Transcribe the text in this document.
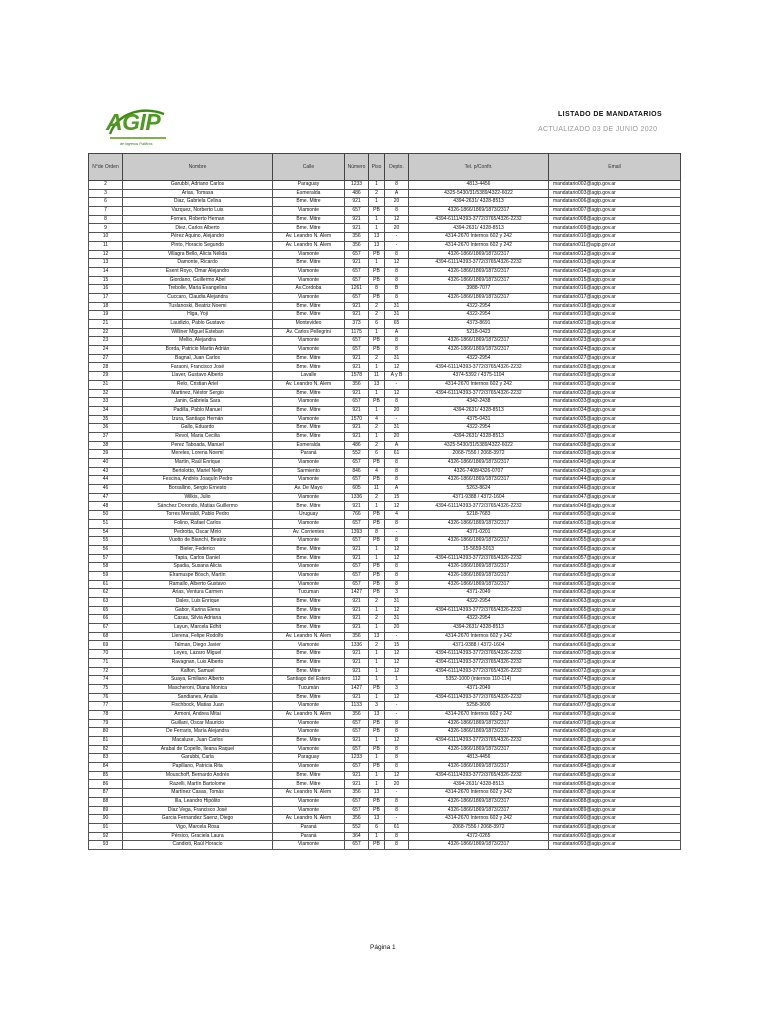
AGIP
de Ingresos Públicos
LISTADO DE MANDATARIOS
ACTUALIZADO 03 DE JUNIO 2020
N°de Orden	Nombre	Calle	Número	Piso	Depto.	Tel. p/Confir.	Email
2	Garubbi, Adriano Carlos	Paraguay	1233	1	8	4813-4456	mandatario002@agip.gov.ar
3	Arias, Tomasa	Esmeralda	486	2	A	4325-5430/31/5389/4322-6022	mandatario003@agip.gov.ar
6	Diaz, Gabriela Celina	Bme. Mitre	921	1	20	4394-2631/ 4328-8513	mandatario006@agip.gov.ar
7	Vazquez, Norberto Luis	Viamonte	657	PB	8	4326-1866/1869/1873/2317	mandatario007@agip.gov.ar
8	Fornes, Roberto Hernan	Bme. Mitre	921	1	12	4394-6111/4393-3772/3765/4326-2232	mandatario008@agip.gov.ar
9	Diez, Carlos Alberto	Bme. Mitre	921	1	20	4394-2631/ 4328-8513	mandatario009@agip.gov.ar
10	Pérez Aquino, Alejandro	Av. Leandro N. Alem	356	13	-	4314-2670 Internos 602 y 242	mandatario010@agip.gov.ar
11	Pinto, Horacio Segundo	Av. Leandro N. Alem	356	13	-	4314-2670 Internos 602 y 242	mandatario011@agip.gov.ar
12	Villagra Bello, Alicia Nélida	Viamonte	657	PB	8	4326-1866/1869/1873/2317	mandatario012@agip.gov.ar
13	Damonte, Ricardo	Bme. Mitre	921	1	12	4394-6111/4393-3772/3765/4326-2232	mandatario013@agip.gov.ar
14	Esent Royo, Omar Alejandro	Viamonte	657	PB	8	4326-1866/1869/1873/2317	mandatario014@agip.gov.ar
15	Giordano, Guillermo Abel	Viamonte	657	PB	8	4326-1866/1869/1873/2317	mandatario015@agip.gov.ar
16	Trebolle, Maria Evangelina	Av.Cordoba	1261	8	B	3988-7077	mandatario016@agip.gov.ar
17	Cuccaro, Claudia Alejandra	Viamonte	657	PB	8	4326-1866/1869/1873/2317	mandatario017@agip.gov.ar
18	Tuslanoski, Beatriz Noemi	Bme. Mitre	921	2	31	4322-2954	mandatario018@agip.gov.ar
19	Higa, Yoji	Bme. Mitre	921	2	31	4322-2954	mandatario019@agip.gov.ar
21	Laudizio, Pablo Gustavo	Montevideo	373	6	65	4373-8691	mandatario021@agip.gov.ar
22	Williner Miguel Esteban	Av. Carlos Pellegrini	1175	1	A	5218-0423	mandatario022@agip.gov.ar
23	Mellio, Alejandra	Viamonte	657	PB	8	4326-1866/1869/1873/2317	mandatario023@agip.gov.ar
24	Borda, Patricio Martin Adrián	Viamonte	657	PB	8	4326-1866/1869/1873/2317	mandatario024@agip.gov.ar
27	Bagnal, Juan Carlos	Bme. Mitre	921	2	31	4322-2954	mandatario027@agip.gov.ar
28	Faraoni, Francisco José	Bme. Mitre	921	1	12	4394-6111/4393-3772/3765/4326-2232	mandatario028@agip.gov.ar
29	Llaver, Gustavo Alberto	Lavalle	1578	11	A y B	4374-5392 / 4375-1104	mandatario029@agip.gov.ar
31	Relo, Cristian Ariel	Av. Leandro N. Alem	356	13	-	4314-2670 Internos 602 y 242	mandatario031@agip.gov.ar
32	Martinez, Néstor Sergio	Bme. Mitre	921	1	12	4394-6111/4393-3772/3765/4326-2232	mandatario032@agip.gov.ar
33	Janin, Gabriela Sara	Viamonte	657	PB	8	4342-2438	mandatario033@agip.gov.ar
34	Padilla, Pablo Manuel	Bme. Mitre	921	1	20	4394-2631/ 4328-8513	mandatario034@agip.gov.ar
35	Izura, Santiago Hernán	Viamonte	1570	4	-	4375-0431	mandatario035@agip.gov.ar
36	Gallo, Eduardo	Bme. Mitre	921	2	31	4322-2954	mandatario036@agip.gov.ar
37	Revol, Maria Cecilia	Bme. Mitre	921	1	20	4394-2631/ 4328-8513	mandatario037@agip.gov.ar
38	Perez Taboada, Manuel	Esmeralda	486	2	A	4325-5430/31/5389/4322-6022	mandatario038@agip.gov.ar
39	Mereles, Lorena Noemí	Paraná	552	6	61	2068-7556 / 2068-3972	mandatario039@agip.gov.ar
40	Martin, Raúl Enrique	Viamonte	657	PB	8	4326-1866/1869/1873/2317	mandatario040@agip.gov.ar
43	Bertolotto, Mariel Nelly	Sarmiento	846	4	8	4326-7408/4326-0707	mandatario043@agip.gov.ar
44	Fescina, Andrés Joaquín Pedro	Viamonte	657	PB	8	4326-1866/1869/1873/2317	mandatario044@agip.gov.ar
46	Borsallino, Sergio Ernesto	Av. De Mayo	605	11	A	5263-8624	mandatario046@agip.gov.ar
47	Wilkis, Julio	Viamonte	1336	2	15	4371-9388 / 4372-1604	mandatario047@agip.gov.ar
48	Sánchez Dorondo, Matias Guillermo	Bme. Mitre	921	1	12	4394-6111/4393-3772/3765/4326-2232	mandatario048@agip.gov.ar
50	Torres Menaldi, Pablo Pedro	Uruguay	766	PB	4	5218-7683	mandatario050@agip.gov.ar
51	Folino, Rafael Carlos	Viamonte	657	PB	8	4326-1866/1869/1873/2317	mandatario051@agip.gov.ar
54	Pedrotta, Oscar Mirio	Av. Corrientes	1393	8	-	4371-0201	mandatario054@agip.gov.ar
55	Vuotto de Bianchi, Beatriz	Viamonte	657	PB	8	4326-1866/1869/1873/2317	mandatario055@agip.gov.ar
56	Bieler, Federico	Bme. Mitre	921	1	12	15-5659-5013	mandatario056@agip.gov.ar
57	Tapia, Carlos Daniel	Bme. Mitre	921	1	12	4394-6111/4393-3772/3765/4326-2232	mandatario057@agip.gov.ar
58	Spadia, Susana Alicia	Viamonte	657	PB	8	4326-1866/1869/1873/2317	mandatario058@agip.gov.ar
59	Elramuspe Bösch, Martín	Viamonte	657	PB	8	4326-1866/1869/1873/2317	mandatario059@agip.gov.ar
61	Ramallo, Alberto Gustavo	Viamonte	657	PB	8	4326-1866/1869/1873/2317	mandatario061@agip.gov.ar
62	Arias, Ventura Carmen	Tucuman	1427	PB	3	4371-2049	mandatario062@agip.gov.ar
63	Dales, Luis Enrique	Bme. Mitre	921	2	31	4322-2954	mandatario063@agip.gov.ar
65	Gabor, Karina Elena	Bme. Mitre	921	1	12	4394-6111/4393-3772/3765/4326-2232	mandatario065@agip.gov.ar
66	Casas, Silvia Adriana	Bme. Mitre	921	2	31	4322-2954	mandatario066@agip.gov.ar
67	Layun, Marcela Edhit	Bme. Mitre	921	1	20	4394-2631/ 4328-8513	mandatario067@agip.gov.ar
68	Llerena, Felipe Rodolfo	Av. Leandro N. Alem	356	13	-	4314-2670 Internos 602 y 242	mandatario068@agip.gov.ar
69	Talman, Diego Javier	Viamonte	1336	2	15	4371-9388 / 4372-1604	mandatario069@agip.gov.ar
70	Leyes, Lazaro Miguel	Bme. Mitre	921	1	12	4394-6111/4393-3772/3765/4326-2232	mandatario070@agip.gov.ar
71	Ravagnan, Luis Alberto	Bme. Mitre	921	1	12	4394-6111/4393-3772/3765/4326-2232	mandatario071@agip.gov.ar
72	Kalfon, Samuel	Bme. Mitre	921	1	12	4394-6111/4393-3772/3765/4326-2232	mandatario072@agip.gov.ar
74	Suaya, Emiliano Alberto	Santiago del Estero	112	1	1	5352-1000 (internos 110-114)	mandatario074@agip.gov.ar
75	Mascheroni, Diana Monica	Tucumán	1427	PB	3	4371-2049	mandatario075@agip.gov.ar
76	Sandianes, Analia	Bme. Mitre	921	1	12	4394-6111/4393-3772/3765/4326-2232	mandatario076@agip.gov.ar
77	Fischbock, Matias Juan	Viamonte	1133	3	-	5258-3600	mandatario077@agip.gov.ar
78	Armoni, Andrea Mitai	Av. Leandro N. Alem	356	13	-	4314-2670 Internos 602 y 242	mandatario078@agip.gov.ar
79	Guillani, Oscar Mauricio	Viamonte	657	PB	8	4326-1866/1869/1873/2317	mandatario079@agip.gov.ar
80	De Ferraris, María Alejandra	Viamonte	657	PB	8	4326-1866/1869/1873/2317	mandatario080@agip.gov.ar
81	Macaluse, Juan Carlos	Bme. Mitre	921	1	12	4394-6111/4393-3772/3765/4326-2232	mandatario081@agip.gov.ar
82	Arabal de Copello, Ileana Raquel	Viamonte	657	PB	8	4326-1866/1869/1873/2317	mandatario082@agip.gov.ar
83	Garubbi, Carla	Paraguay	1233	1	8	4813-4456	mandatario083@agip.gov.ar
84	Papillano, Patricia Rita	Viamonte	657	PB	8	4326-1866/1869/1873/2317	mandatario084@agip.gov.ar
85	Mouschoff, Bernardo Andrés	Bme. Mitre	921	1	12	4394-6111/4393-3772/3765/4326-2232	mandatario085@agip.gov.ar
86	Razelli, Martín Bartolome	Bme. Mitre	921	1	20	4394-2631/ 4328-8513	mandatario086@agip.gov.ar
87	Martínez Casas, Tomás	Av. Leandro N. Alem	356	13	-	4314-2670 Internos 602 y 242	mandatario087@agip.gov.ar
88	Illa, Leandro Hipólito	Viamonte	657	PB	8	4326-1866/1869/1873/2317	mandatario088@agip.gov.ar
89	Diaz Vega, Francisco José	Viamonte	657	PB	8	4326-1866/1869/1873/2317	mandatario089@agip.gov.ar
90	Garcia Fernandez Saenz, Diego	Av. Leandro N. Alem	356	13	-	4314-2670 Internos 602 y 242	mandatario090@agip.gov.ar
91	Vigo, Marcela Rosa	Paraná	552	6	61	2068-7556 / 2068-3972	mandatario091@agip.gov.ar
92	Pérsico, Graciela Laura	Paraná	364	1	8	4372-0265	mandatario092@agip.gov.ar
93	Candioti, Raúl Horacio	Viamonte	657	PB	8	4326-1866/1869/1873/2317	mandatario093@agip.gov.ar
Página 1
